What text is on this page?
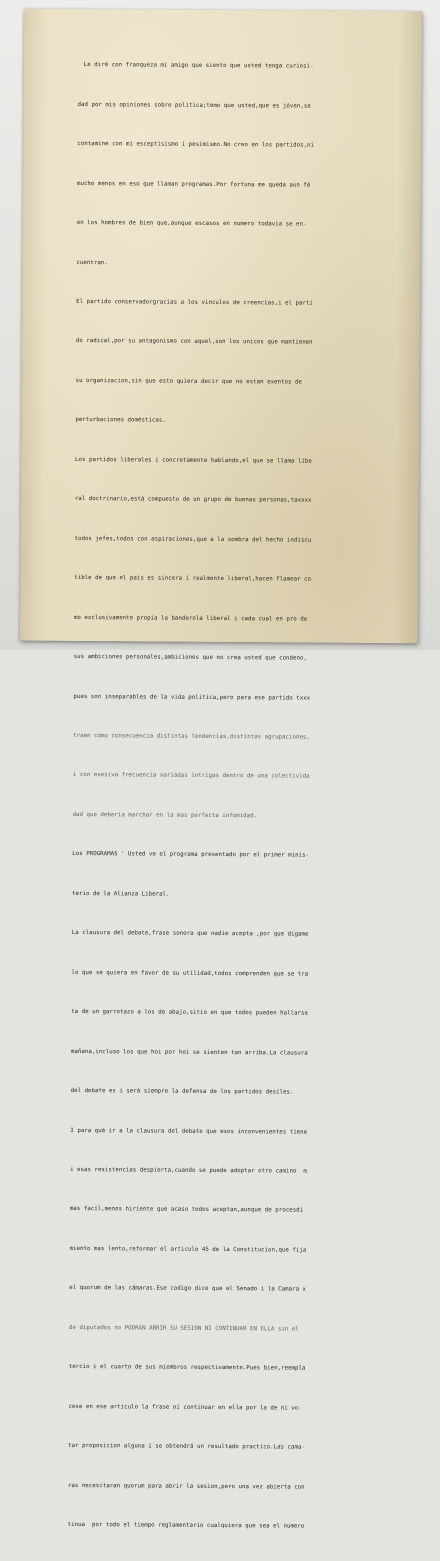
Le diré con franqueza mi amigo que siento que usted tenga curiosi-

dad por mis opiniones sobre politica;temo que usted,que es jóven,se

contamine con mi esceptisismo i pesimismo.No creo en los partidos,ni

mucho menos en eso que llaman programas.Por fortuna me queda aun fé

en los hombres de bien que,aunque escasos en numero todavia se en-

cuentran.

El partido conservadorgracias a los vinculos de creencias,i el parti

do radical,por su antagonismo con aquel,son los unicos que mantienen

su organizacion,sin que esto quiera decir que no estan exentos de

perturbaciones domésticas.

Los partidos liberales i concretamente hablando,el que se llama libe

ral doctrinario,está compuesto de un grupo de buenas personas,taxxxx

todos jefes,todos con aspiraciones,que a la sombra del hecho indiscu

tible de que el pais es sincera i realmente liberal,hacen flamear co

mo exclusivamente propia la banderola liberal i cada cual en pro de

sus ambiciones personales,ambiciones que no crea usted que condeno,

pues son inseparables de la vida politica,pero para ese partido txxx

traen como consecuencia distintas tendencias,distintas agrupaciones,

i con exesiva frecuencia variadas intrigas dentro de una colectivida

dad que deberia marchar en la mas perfecta infomidad.

Los PROGRAMAS ' Usted ve el programa presentado por el primer minis-

terio de la Alianza Liberal.

La clausura del debate,frase sonora que nadie acepta ,por que digame

lo que se quiera en favor de su utilidad,todos comprenden que se tra

ta de un garrotazo a los de abajo,sitio en que todos pueden hallarse

mañana,incluso los que hoi por hoi se sienten tan arriba.La clausura

del debate es i será siempre la defensa de los partidos desiles.

I para qué ir a la clausura del debate que esos inconvenientes tiene

i esas resistencias despierta,cuando se puede adoptar otro camino  m

mas facil,menos hiriente que acaso todos aceptan,aunque de procesdi

miento mas lento,reformar el articulo 45 de la Constitucion,que fija

el quorum de las cámaras.Ese codigo dice que el Senado i la Camara x

de diputados no PODRAN ABRIR SU SESION NI CONTINUAR EN ELLA sin el

tercio i el cuarto de sus miembros respectivamente.Pues bien,reempla

cese en ese articulo la frase ni continuar en ella por la de ni vo-

tar proposicion alguna i se obtendrá un resultado practico.Las cama-

ras necesitaran quorum para abrir la sesion,pero una vez abierta con

tinua  por todo el tiempo reglamentario cualquiera que sea el numero
